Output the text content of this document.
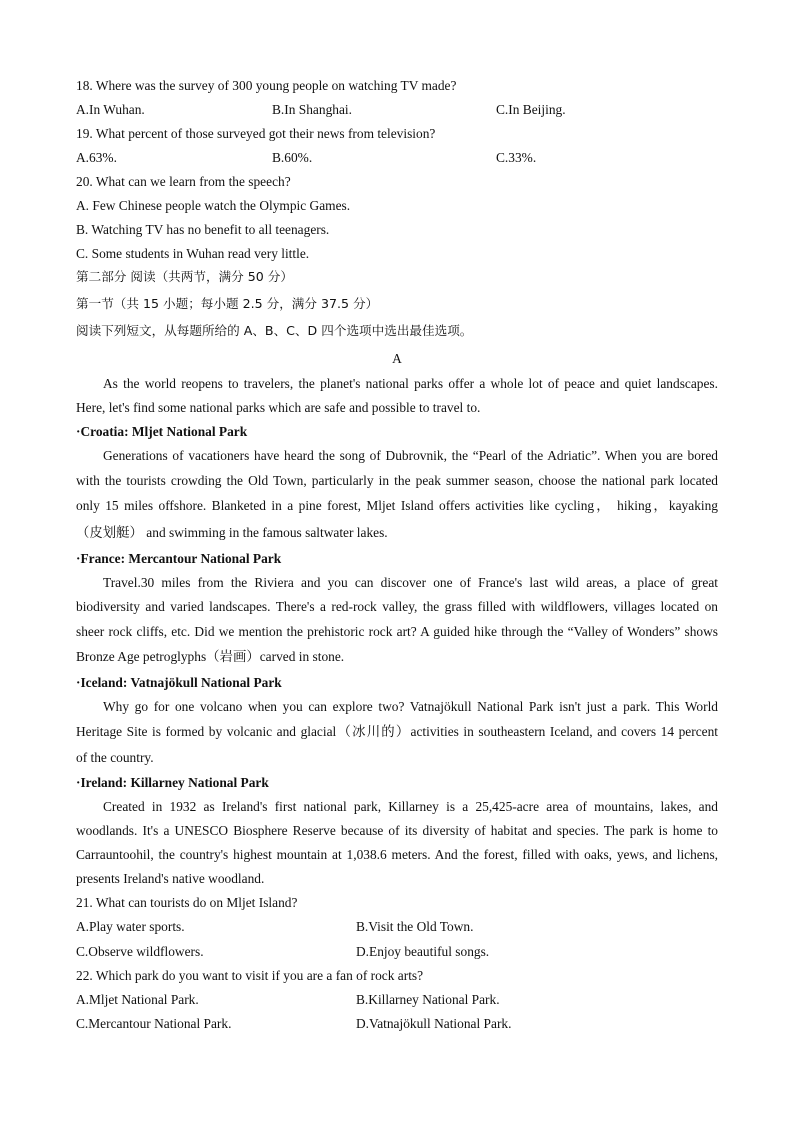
18. Where was the survey of 300 young people on watching TV made?
A.In Wuhan.	B.In Shanghai.	C.In Beijing.
19. What percent of those surveyed got their news from television?
A.63%.	B.60%.	C.33%.
20. What can we learn from the speech?
A. Few Chinese people watch the Olympic Games.
B. Watching TV has no benefit to all teenagers.
C. Some students in Wuhan read very little.
第二部分 阅读（共两节，满分 50 分）
第一节（共 15 小题；每小题 2.5 分，满分 37.5 分）
阅读下列短文，从每题所给的 A、B、C、D 四个选项中选出最佳选项。
A
As the world reopens to travelers, the planet's national parks offer a whole lot of peace and quiet landscapes.
Here, let's find some national parks which are safe and possible to travel to.
·Croatia: Mljet National Park
Generations of vacationers have heard the song of Dubrovnik, the “Pearl of the Adriatic”. When you are bored
with the tourists crowding the Old Town, particularly in the peak summer season, choose the national park located
only 15 miles offshore. Blanketed in a pine forest, Mljet Island offers activities like cycling， hiking，kayaking
（皮划艇） and swimming in the famous saltwater lakes.
·France: Mercantour National Park
Travel.30 miles from the Riviera and you can discover one of France's last wild areas, a place of great
biodiversity and varied landscapes. There's a red-rock valley, the grass filled with wildflowers, villages located on
sheer rock cliffs, etc. Did we mention the prehistoric rock art? A guided hike through the “Valley of Wonders” shows
Bronze Age petroglyphs（岩画）carved in stone.
·Iceland: Vatnajökull National Park
Why go for one volcano when you can explore two? Vatnajökull National Park isn't just a park. This World
Heritage Site is formed by volcanic and glacial（冰川的）activities in southeastern Iceland, and covers 14 percent
of the country.
·Ireland: Killarney National Park
Created in 1932 as Ireland's first national park, Killarney is a 25,425-acre area of mountains, lakes, and
woodlands. It's a UNESCO Biosphere Reserve because of its diversity of habitat and species. The park is home to
Carrauntoohil, the country's highest mountain at 1,038.6 meters. And the forest, filled with oaks, yews, and lichens,
presents Ireland's native woodland.
21. What can tourists do on Mljet Island?
A.Play water sports.	B.Visit the Old Town.
C.Observe wildflowers.	D.Enjoy beautiful songs.
22. Which park do you want to visit if you are a fan of rock arts?
A.Mljet National Park.	B.Killarney National Park.
C.Mercantour National Park.	D.Vatnajökull National Park.
